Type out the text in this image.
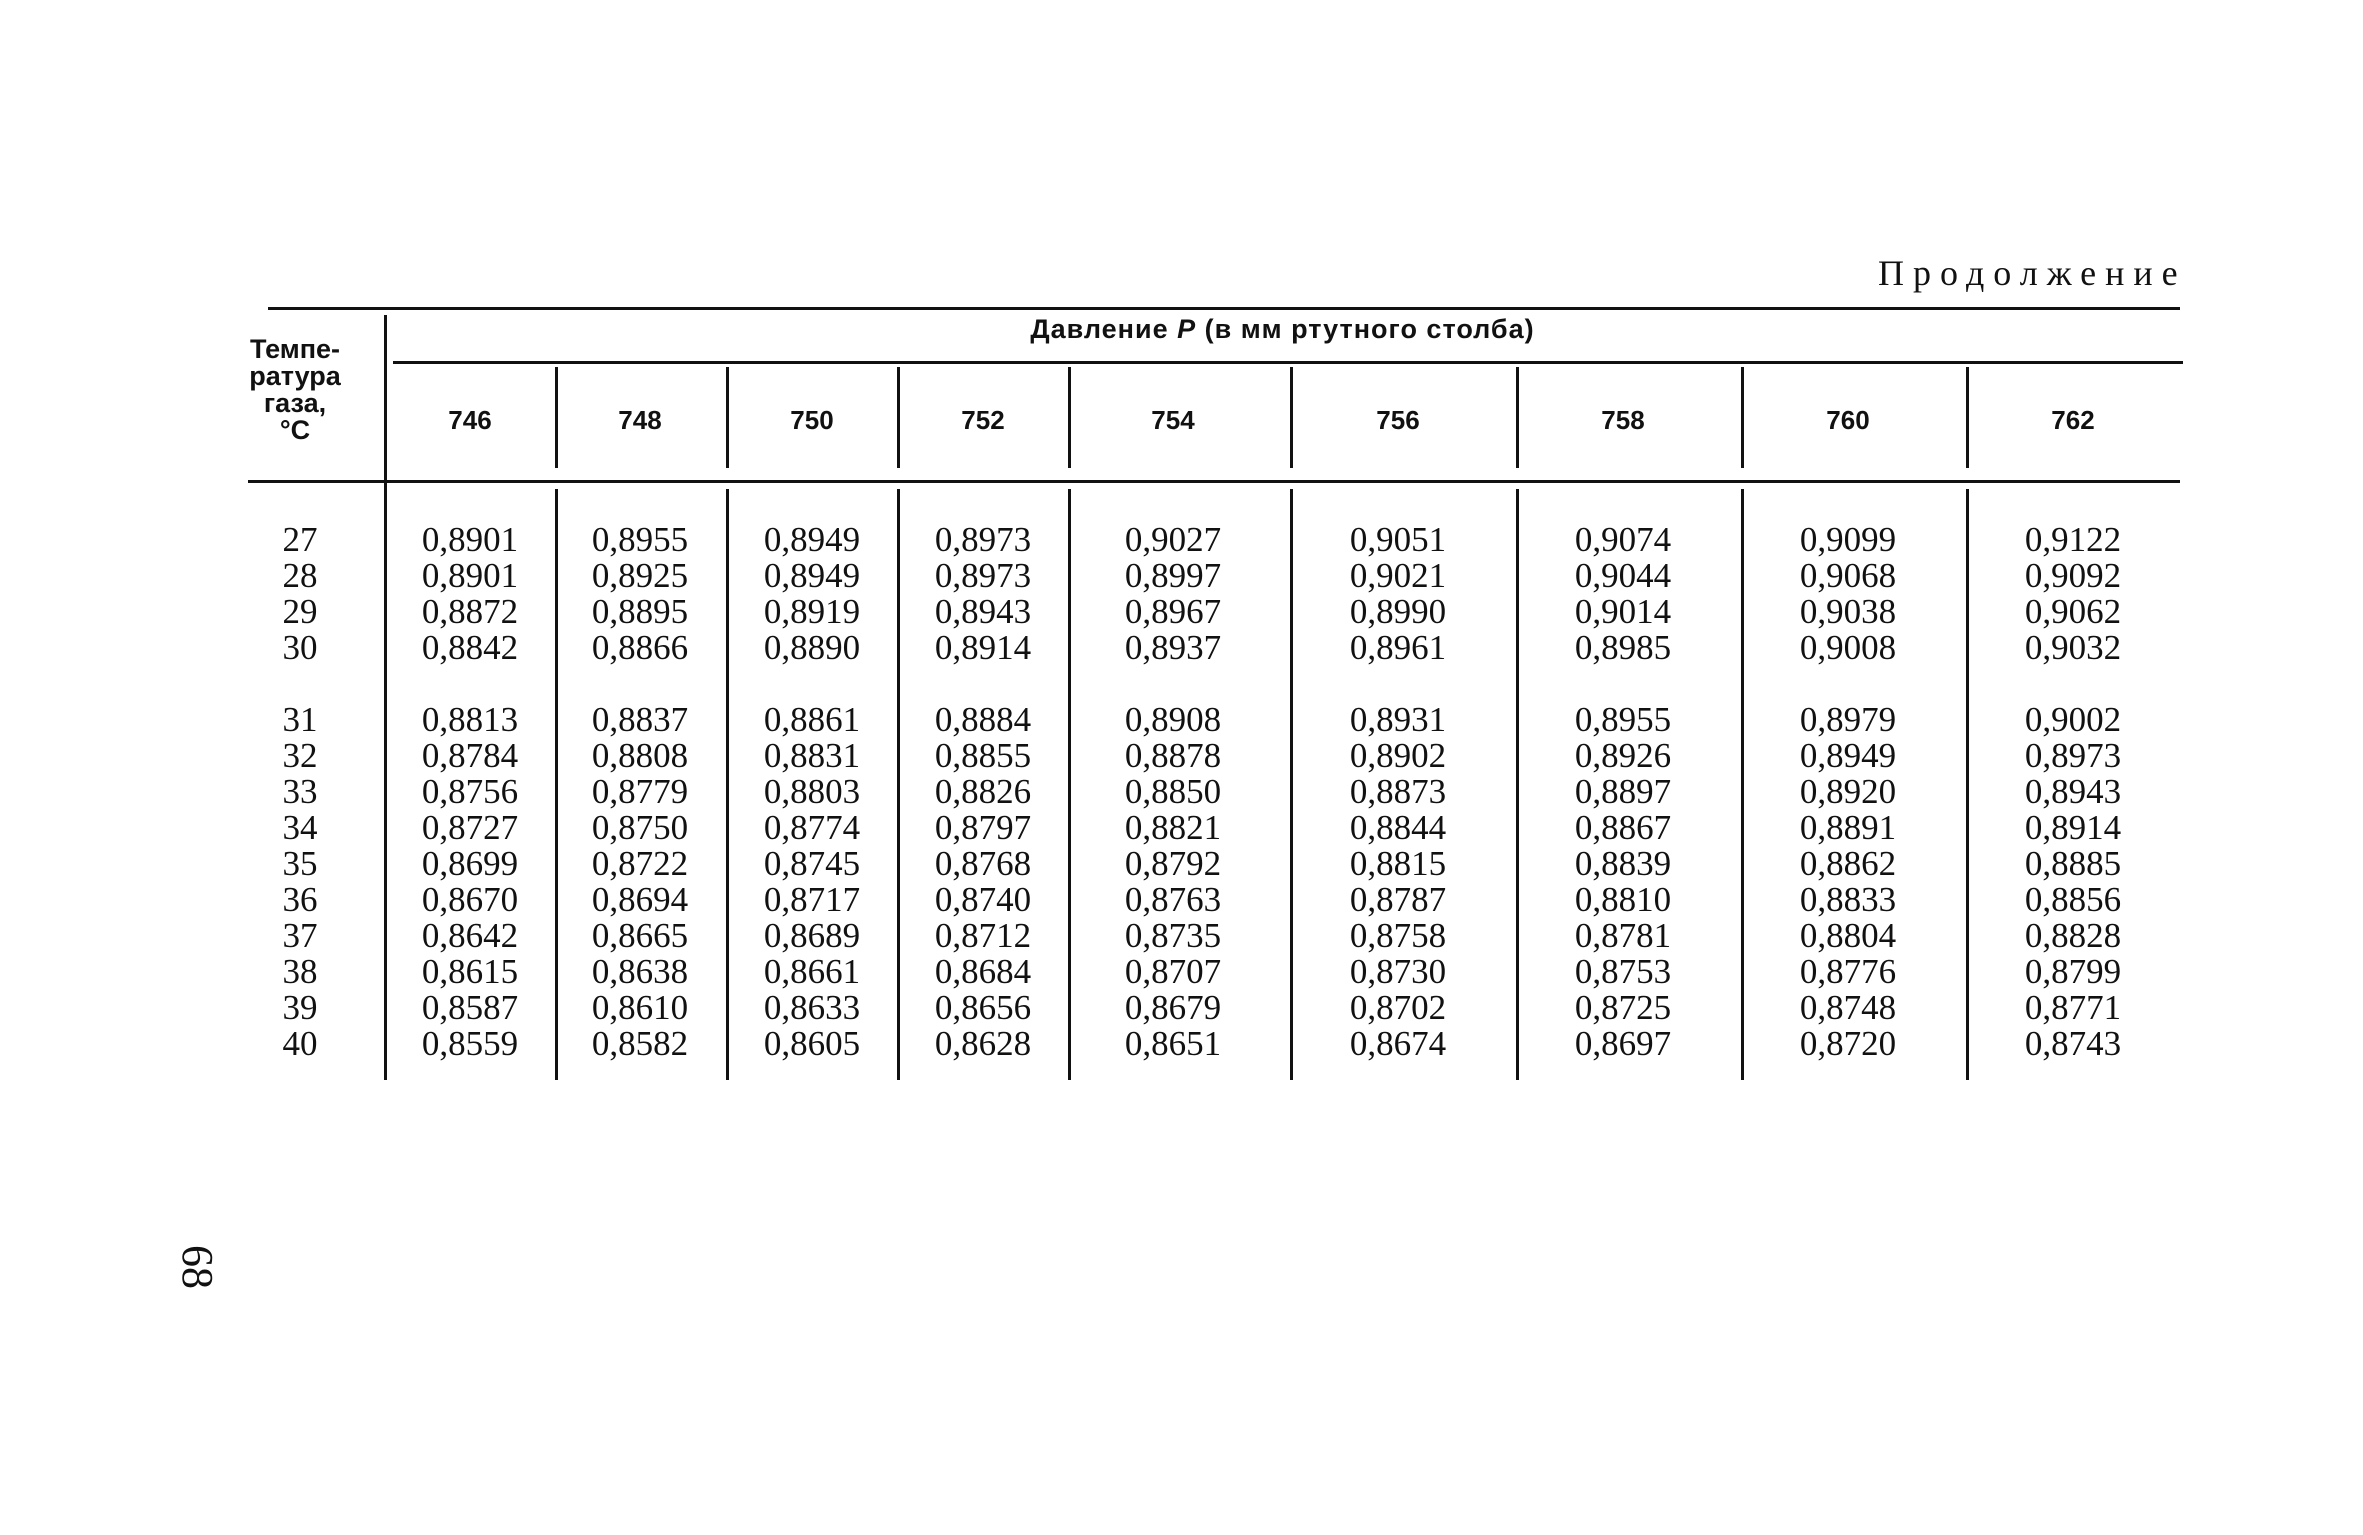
Продолжение
Темпе-
ратура
газа,
°С
Давление P (в мм ртутного столба)
746	748	750	752	754	756	758	760	762
27	0,8901	0,8955	0,8949	0,8973	0,9027	0,9051	0,9074	0,9099	0,9122
28	0,8901	0,8925	0,8949	0,8973	0,8997	0,9021	0,9044	0,9068	0,9092
29	0,8872	0,8895	0,8919	0,8943	0,8967	0,8990	0,9014	0,9038	0,9062
30	0,8842	0,8866	0,8890	0,8914	0,8937	0,8961	0,8985	0,9008	0,9032
31	0,8813	0,8837	0,8861	0,8884	0,8908	0,8931	0,8955	0,8979	0,9002
32	0,8784	0,8808	0,8831	0,8855	0,8878	0,8902	0,8926	0,8949	0,8973
33	0,8756	0,8779	0,8803	0,8826	0,8850	0,8873	0,8897	0,8920	0,8943
34	0,8727	0,8750	0,8774	0,8797	0,8821	0,8844	0,8867	0,8891	0,8914
35	0,8699	0,8722	0,8745	0,8768	0,8792	0,8815	0,8839	0,8862	0,8885
36	0,8670	0,8694	0,8717	0,8740	0,8763	0,8787	0,8810	0,8833	0,8856
37	0,8642	0,8665	0,8689	0,8712	0,8735	0,8758	0,8781	0,8804	0,8828
38	0,8615	0,8638	0,8661	0,8684	0,8707	0,8730	0,8753	0,8776	0,8799
39	0,8587	0,8610	0,8633	0,8656	0,8679	0,8702	0,8725	0,8748	0,8771
40	0,8559	0,8582	0,8605	0,8628	0,8651	0,8674	0,8697	0,8720	0,8743
68
